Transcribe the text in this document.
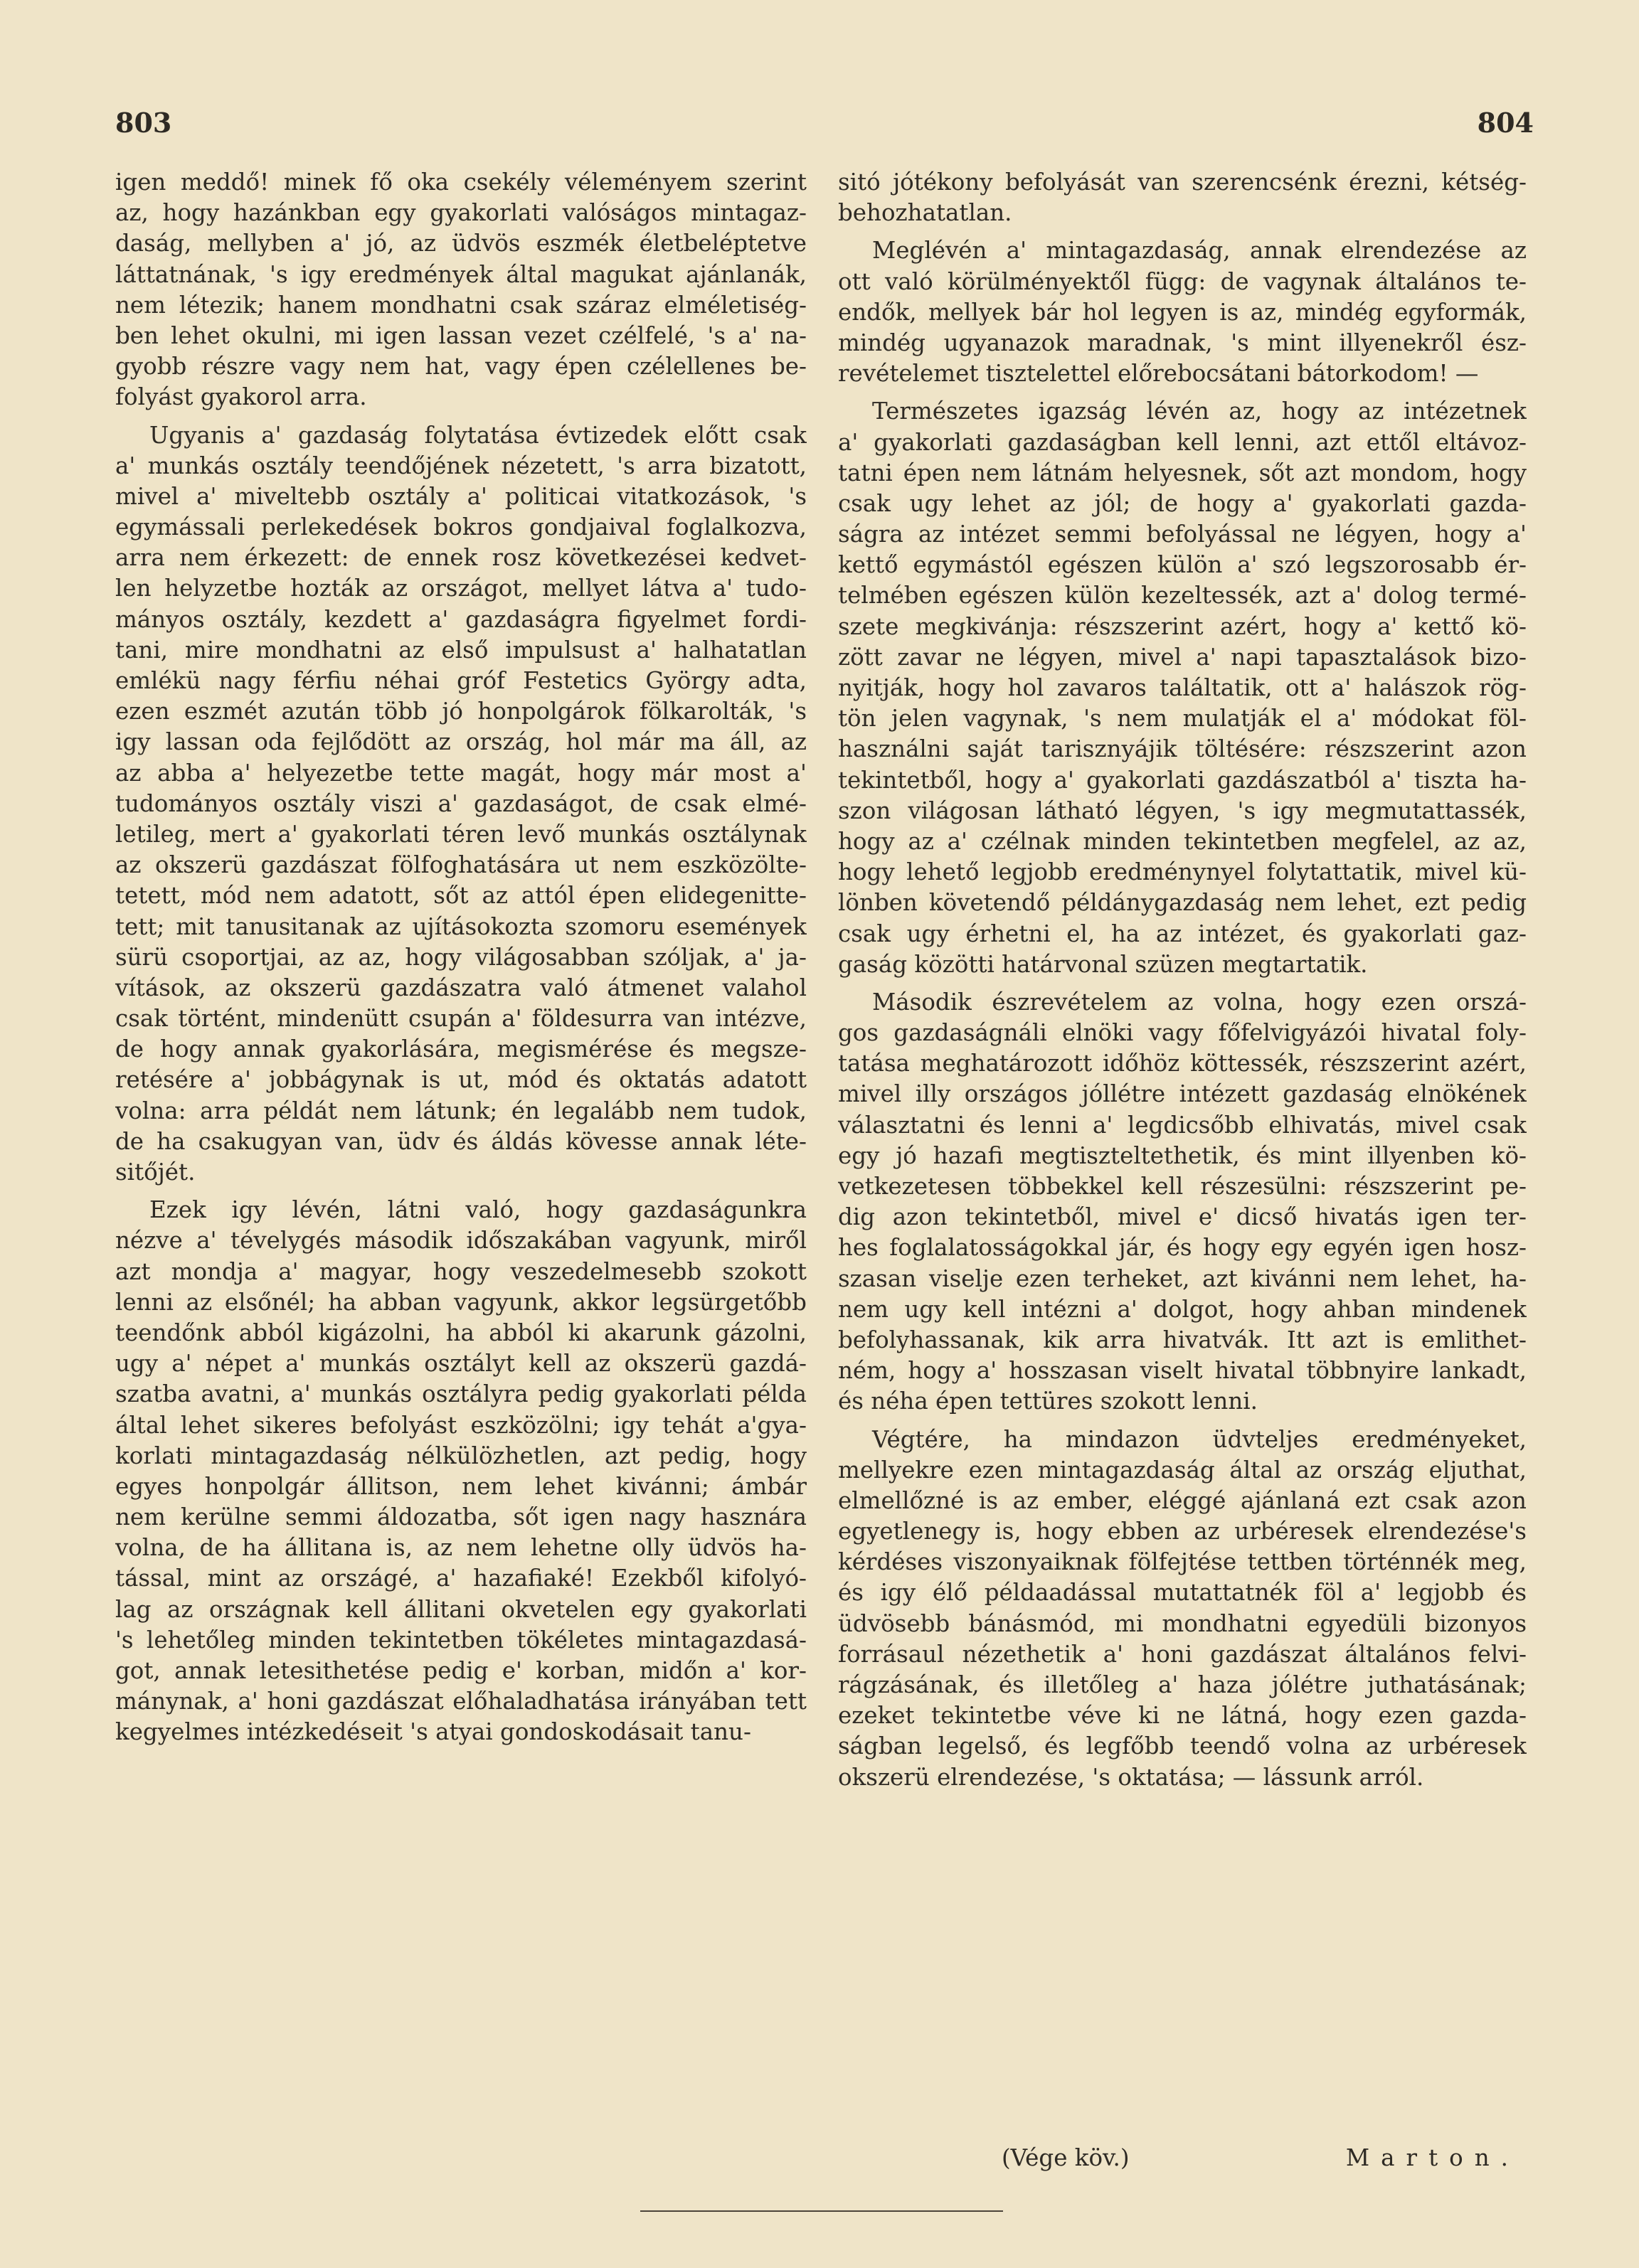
803	804
igen meddő! minek fő oka csekély véleményem szerint
az, hogy hazánkban egy gyakorlati valóságos mintagaz-
daság, mellyben a' jó, az üdvös eszmék életbeléptetve
láttatnának, 's igy eredmények által magukat ajánlanák,
nem létezik; hanem mondhatni csak száraz elméletiség-
ben lehet okulni, mi igen lassan vezet czélfelé, 's a' na-
gyobb részre vagy nem hat, vagy épen czélellenes be-
folyást gyakorol arra.
Ugyanis a' gazdaság folytatása évtizedek előtt csak
a' munkás osztály teendőjének nézetett, 's arra bizatott,
mivel a' miveltebb osztály a' politicai vitatkozások, 's
egymássali perlekedések bokros gondjaival foglalkozva,
arra nem érkezett: de ennek rosz következései kedvet-
len helyzetbe hozták az országot, mellyet látva a' tudo-
mányos osztály, kezdett a' gazdaságra figyelmet fordi-
tani, mire mondhatni az első impulsust a' halhatatlan
emlékü nagy férfiu néhai gróf Festetics György adta,
ezen eszmét azután több jó honpolgárok fölkarolták, 's
igy lassan oda fejlődött az ország, hol már ma áll, az
az abba a' helyezetbe tette magát, hogy már most a'
tudományos osztály viszi a' gazdaságot, de csak elmé-
letileg, mert a' gyakorlati téren levő munkás osztálynak
az okszerü gazdászat fölfoghatására ut nem eszközölte-
tetett, mód nem adatott, sőt az attól épen elidegenitte-
tett; mit tanusitanak az ujításokozta szomoru események
sürü csoportjai, az az, hogy világosabban szóljak, a' ja-
vítások, az okszerü gazdászatra való átmenet valahol
csak történt, mindenütt csupán a' földesurra van intézve,
de hogy annak gyakorlására, megismérése és megsze-
retésére a' jobbágynak is ut, mód és oktatás adatott
volna: arra példát nem látunk; én legalább nem tudok,
de ha csakugyan van, üdv és áldás kövesse annak léte-
sitőjét.
Ezek igy lévén, látni való, hogy gazdaságunkra
nézve a' tévelygés második időszakában vagyunk, miről
azt mondja a' magyar, hogy veszedelmesebb szokott
lenni az elsőnél; ha abban vagyunk, akkor legsürgetőbb
teendőnk abból kigázolni, ha abból ki akarunk gázolni,
ugy a' népet a' munkás osztályt kell az okszerü gazdá-
szatba avatni, a' munkás osztályra pedig gyakorlati példa
által lehet sikeres befolyást eszközölni; igy tehát a'gya-
korlati mintagazdaság nélkülözhetlen, azt pedig, hogy
egyes honpolgár állitson, nem lehet kivánni; ámbár
nem kerülne semmi áldozatba, sőt igen nagy hasznára
volna, de ha állitana is, az nem lehetne olly üdvös ha-
tással, mint az országé, a' hazafiaké! Ezekből kifolyó-
lag az országnak kell állitani okvetelen egy gyakorlati
's lehetőleg minden tekintetben tökéletes mintagazdasá-
got, annak letesithetése pedig e' korban, midőn a' kor-
mánynak, a' honi gazdászat előhaladhatása irányában tett
kegyelmes intézkedéseit 's atyai gondoskodásait tanu-
sitó jótékony befolyását van szerencsénk érezni, kétség-
behozhatatlan.
Meglévén a' mintagazdaság, annak elrendezése az
ott való körülményektől függ: de vagynak általános te-
endők, mellyek bár hol legyen is az, mindég egyformák,
mindég ugyanazok maradnak, 's mint illyenekről ész-
revételemet tisztelettel előrebocsátani bátorkodom! —
Természetes igazság lévén az, hogy az intézetnek
a' gyakorlati gazdaságban kell lenni, azt ettől eltávoz-
tatni épen nem látnám helyesnek, sőt azt mondom, hogy
csak ugy lehet az jól; de hogy a' gyakorlati gazda-
ságra az intézet semmi befolyással ne légyen, hogy a'
kettő egymástól egészen külön a' szó legszorosabb ér-
telmében egészen külön kezeltessék, azt a' dolog termé-
szete megkivánja: részszerint azért, hogy a' kettő kö-
zött zavar ne légyen, mivel a' napi tapasztalások bizo-
nyitják, hogy hol zavaros találtatik, ott a' halászok rög-
tön jelen vagynak, 's nem mulatják el a' módokat föl-
használni saját tarisznyájik töltésére: részszerint azon
tekintetből, hogy a' gyakorlati gazdászatból a' tiszta ha-
szon világosan látható légyen, 's igy megmutattassék,
hogy az a' czélnak minden tekintetben megfelel, az az,
hogy lehető legjobb eredménynyel folytattatik, mivel kü-
lönben követendő példánygazdaság nem lehet, ezt pedig
csak ugy érhetni el, ha az intézet, és gyakorlati gaz-
gaság közötti határvonal szüzen megtartatik.
Második észrevételem az volna, hogy ezen orszá-
gos gazdaságnáli elnöki vagy főfelvigyázói hivatal foly-
tatása meghatározott időhöz köttessék, részszerint azért,
mivel illy országos jóllétre intézett gazdaság elnökének
választatni és lenni a' legdicsőbb elhivatás, mivel csak
egy jó hazafi megtiszteltethetik, és mint illyenben kö-
vetkezetesen többekkel kell részesülni: részszerint pe-
dig azon tekintetből, mivel e' dicső hivatás igen ter-
hes foglalatosságokkal jár, és hogy egy egyén igen hosz-
szasan viselje ezen terheket, azt kivánni nem lehet, ha-
nem ugy kell intézni a' dolgot, hogy ahban mindenek
befolyhassanak, kik arra hivatvák. Itt azt is emlithet-
ném, hogy a' hosszasan viselt hivatal többnyire lankadt,
és néha épen tettüres szokott lenni.
Végtére, ha mindazon üdvteljes eredményeket,
mellyekre ezen mintagazdaság által az ország eljuthat,
elmellőzné is az ember, eléggé ajánlaná ezt csak azon
egyetlenegy is, hogy ebben az urbéresek elrendezése's
kérdéses viszonyaiknak fölfejtése tettben történnék meg,
és igy élő példaadással mutattatnék föl a' legjobb és
üdvösebb bánásmód, mi mondhatni egyedüli bizonyos
forrásaul nézethetik a' honi gazdászat általános felvi-
rágzásának, és illetőleg a' haza jólétre juthatásának;
ezeket tekintetbe véve ki ne látná, hogy ezen gazda-
ságban legelső, és legfőbb teendő volna az urbéresek
okszerü elrendezése, 's oktatása; — lássunk arról.
(Vége köv.)	Marton.
